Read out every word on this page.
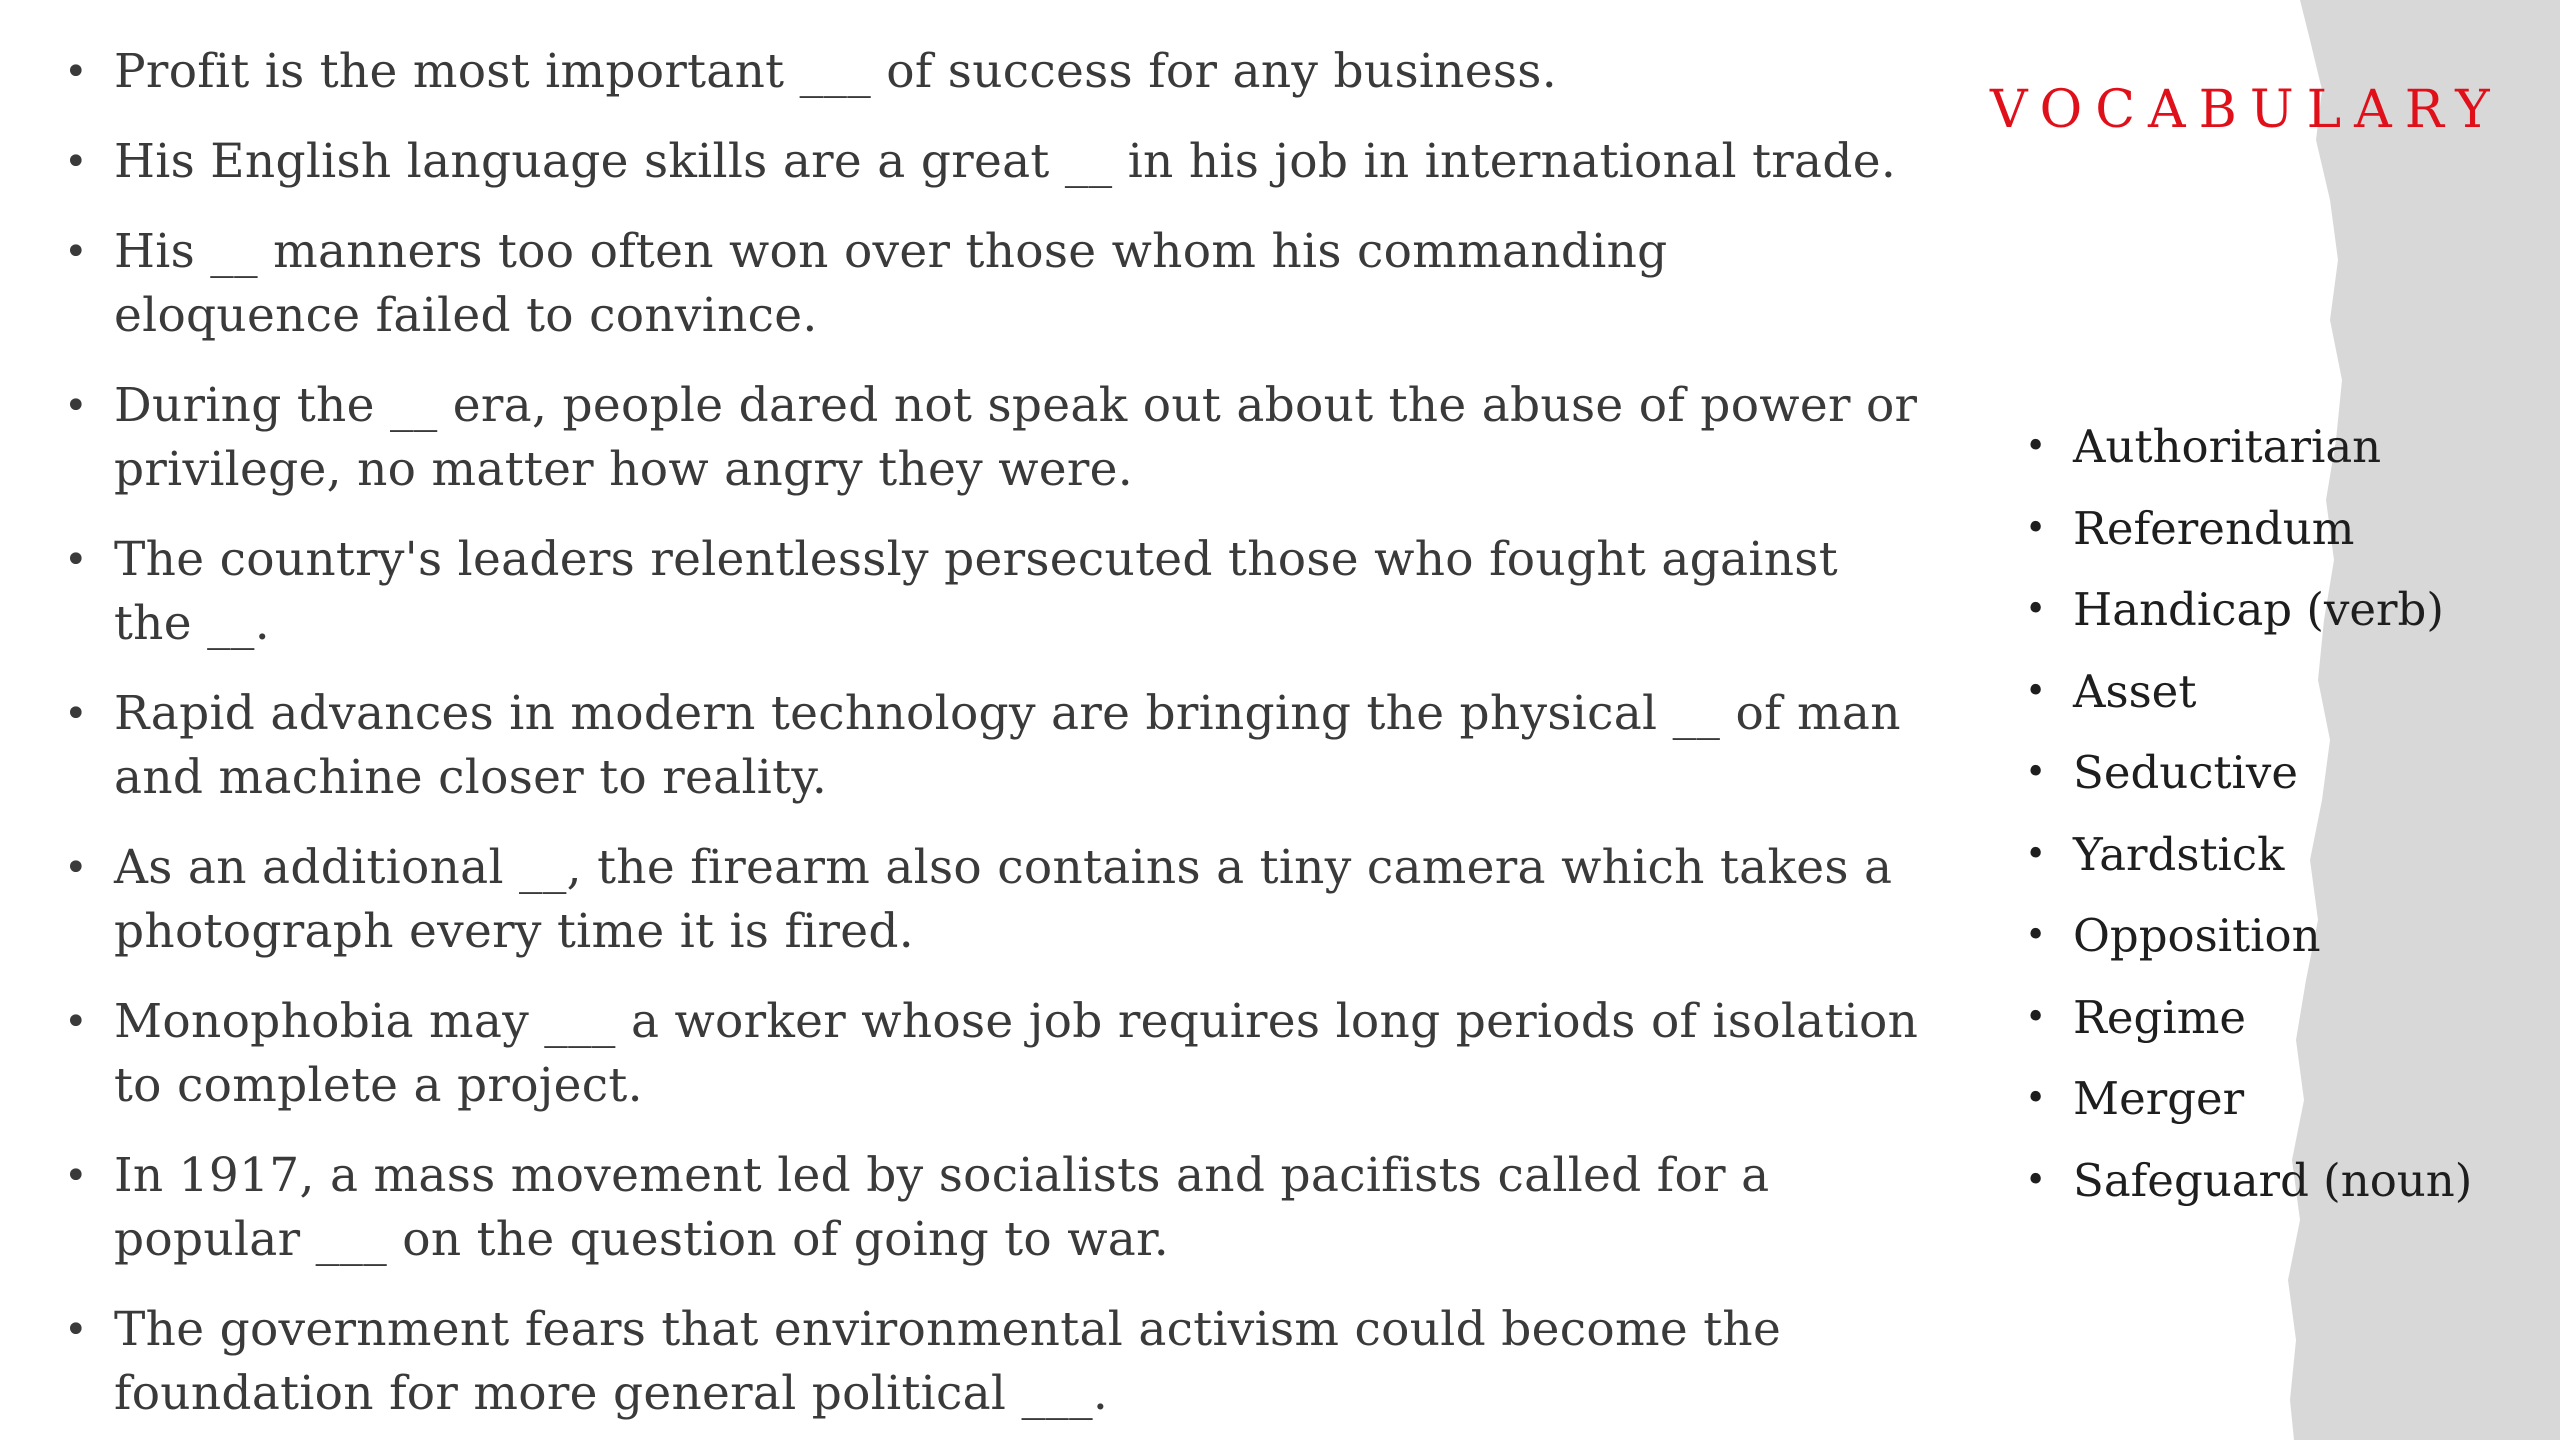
• Profit is the most important ___ of success for any business.
• His English language skills are a great __ in his job in international trade.
• His __ manners too often won over those whom his commanding eloquence failed to convince.
• During the __ era, people dared not speak out about the abuse of power or privilege, no matter how angry they were.
• The country's leaders relentlessly persecuted those who fought against the __.
• Rapid advances in modern technology are bringing the physical __ of man and machine closer to reality.
• As an additional __, the firearm also contains a tiny camera which takes a photograph every time it is fired.
• Monophobia may ___ a worker whose job requires long periods of isolation to complete a project.
• In 1917, a mass movement led by socialists and pacifists called for a popular ___ on the question of going to war.
• The government fears that environmental activism could become the foundation for more general political ___.
VOCABULARY
• Authoritarian
• Referendum
• Handicap (verb)
• Asset
• Seductive
• Yardstick
• Opposition
• Regime
• Merger
• Safeguard (noun)
